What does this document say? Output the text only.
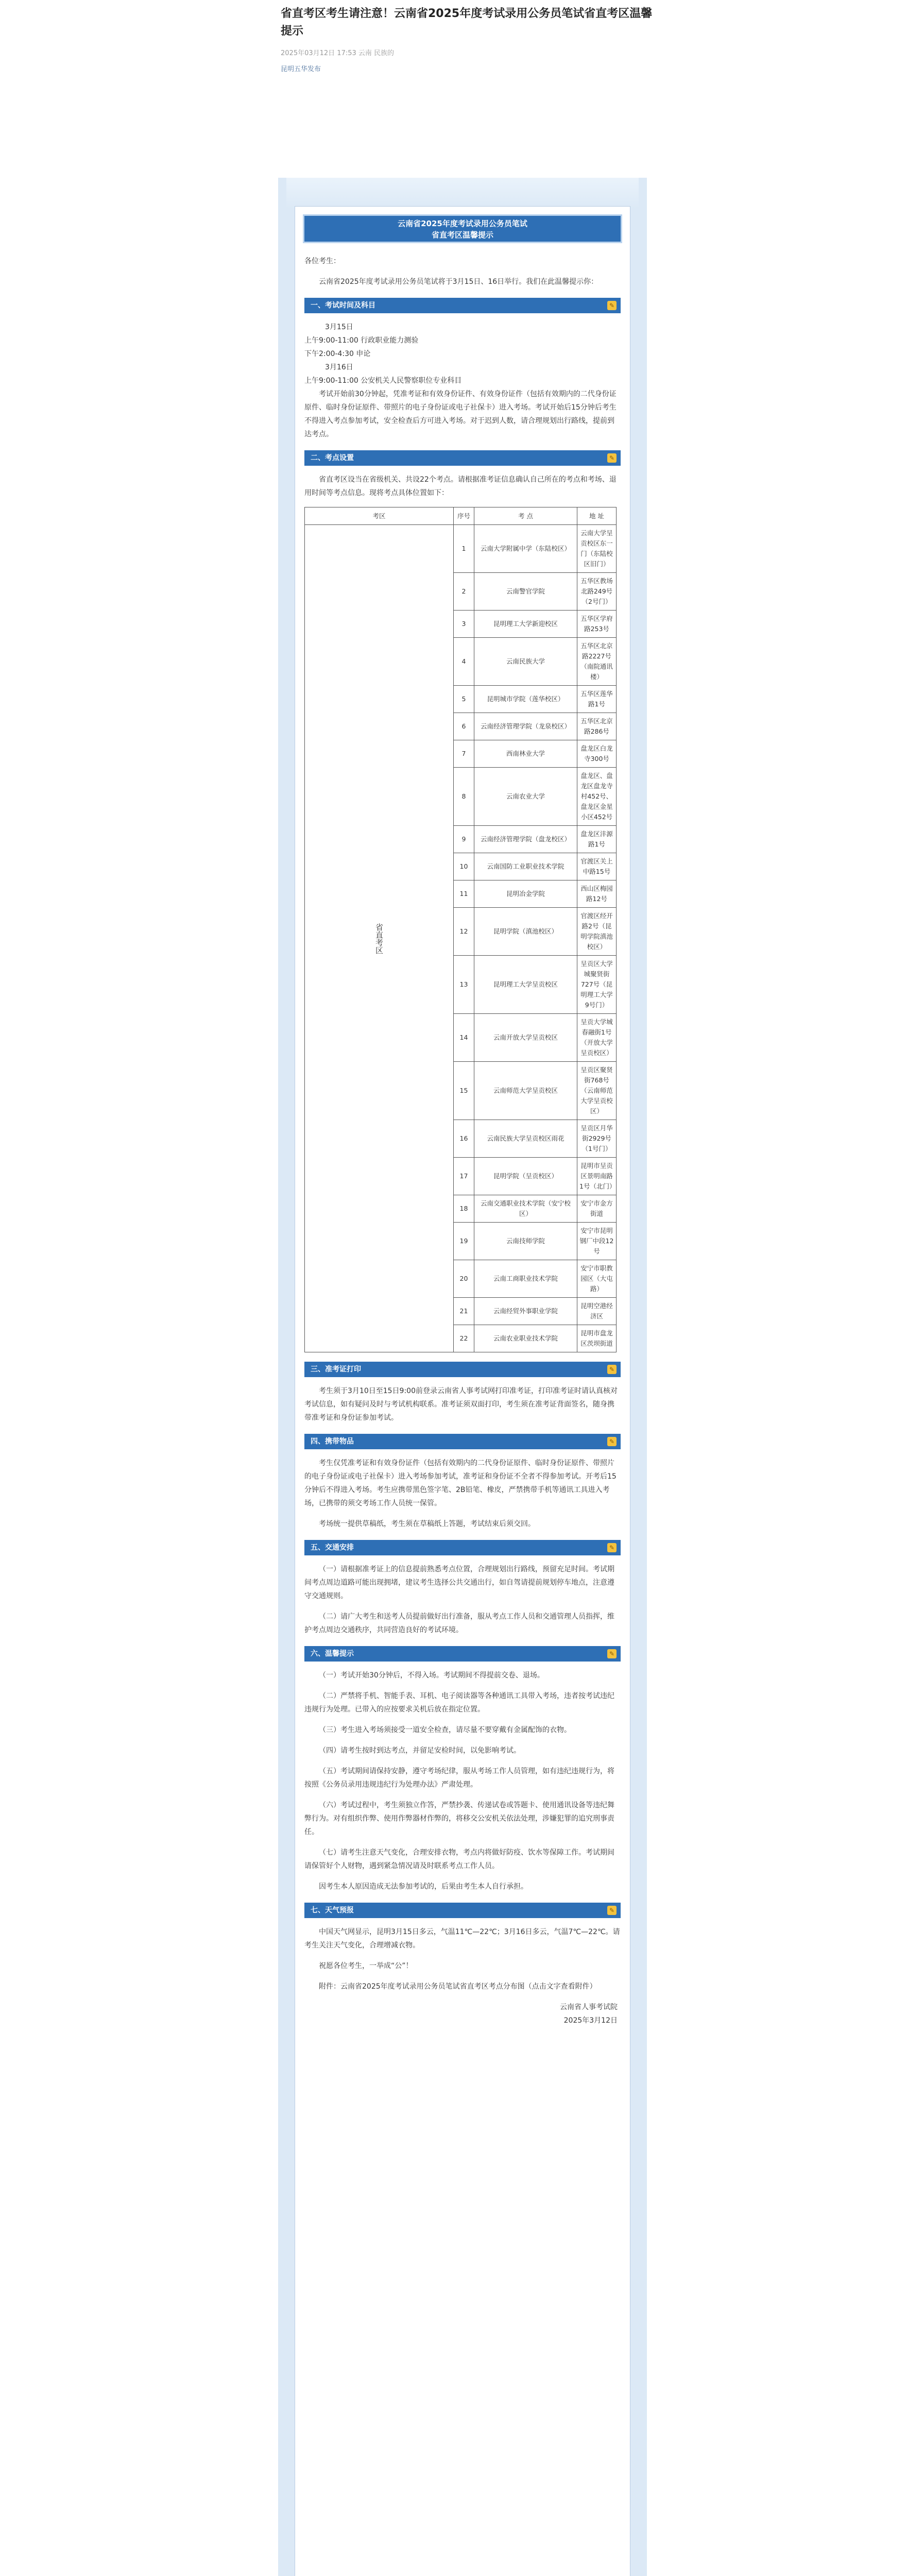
省直考区考生请注意！云南省2025年度考试录用公务员笔试省直考区温馨提示
2025年03月12日 17:53 云南 民族的
昆明五华发布
云南省2025年度考试录用公务员笔试
省直考区温馨提示
各位考生：
云南省2025年度考试录用公务员笔试将于3月15日、16日举行。我们在此温馨提示你：
一、考试时间及科目	✎
3月15日
上午9:00-11:00 行政职业能力测验
下午2:00-4:30 申论
3月16日
上午9:00-11:00 公安机关人民警察职位专业科目
考试开始前30分钟起，凭准考证和有效身份证件、有效身份证件（包括有效期内的二代身份证原件、临时身份证原件、带照片的电子身份证或电子社保卡）进入考场。考试开始后15分钟后考生不得进入考点参加考试，安全检查后方可进入考场。对于迟到人数，请合理规划出行路线，提前到达考点。
二、考点设置	✎
省直考区设当在省级机关、共设22个考点。请根据准考证信息确认自己所在的考点和考场、退用时间等考点信息。现将考点具体位置如下：
考区	序号	考 点	地 址
省直考区	1	云南大学附属中学（东陆校区）	云南大学呈贡校区东一门（东陆校区旧门）
	2	云南警官学院	五华区教场北路249号（2号门）
	3	昆明理工大学新迎校区	五华区学府路253号
	4	云南民族大学	五华区北京路2227号（南院通讯楼）
	5	昆明城市学院（莲华校区）	五华区莲华路1号
	6	云南经济管理学院（龙泉校区）	五华区北京路286号
	7	西南林业大学	盘龙区白龙寺300号
	8	云南农业大学	盘龙区、盘龙区盘龙寺村452号、盘龙区金星小区452号
	9	云南经济管理学院（盘龙校区）	盘龙区沣源路1号
	10	云南国防工业职业技术学院	官渡区关上中路15号
	11	昆明冶金学院	西山区梅园路12号
	12	昆明学院（滇池校区）	官渡区经开路2号（昆明学院滇池校区）
	13	昆明理工大学呈贡校区	呈贡区大学城聚贤街727号（昆明理工大学9号门）
	14	云南开放大学呈贡校区	呈贡大学城春融街1号（开放大学呈贡校区）
	15	云南师范大学呈贡校区	呈贡区聚贤街768号（云南师范大学呈贡校区）
	16	云南民族大学呈贡校区雨花	呈贡区月华街2929号（1号门）
	17	昆明学院（呈贡校区）	昆明市呈贡区景明南路1号（北门）
	18	云南交通职业技术学院（安宁校区）	安宁市金方街道
	19	云南技师学院	安宁市昆明钢厂中段12号
	20	云南工商职业技术学院	安宁市职教园区（大屯路）
	21	云南经贸外事职业学院	昆明空港经济区
	22	云南农业职业技术学院	昆明市盘龙区茨坝街道
三、准考证打印	✎
考生须于3月10日至15日9:00前登录云南省人事考试网打印准考证，打印准考证时请认真核对考试信息，如有疑问及时与考试机构联系。准考证须双面打印，考生须在准考证背面签名，随身携带准考证和身份证参加考试。
四、携带物品	✎
考生仅凭准考证和有效身份证件（包括有效期内的二代身份证原件、临时身份证原件、带照片的电子身份证或电子社保卡）进入考场参加考试，准考证和身份证不全者不得参加考试。开考后15分钟后不得进入考场。考生应携带黑色签字笔、2B铅笔、橡皮，严禁携带手机等通讯工具进入考场，已携带的须交考场工作人员统一保管。
考场统一提供草稿纸，考生须在草稿纸上答题，考试结束后须交回。
五、交通安排	✎
（一）请根据准考证上的信息提前熟悉考点位置，合理规划出行路线，预留充足时间。考试期间考点周边道路可能出现拥堵，建议考生选择公共交通出行，如自驾请提前规划停车地点，注意遵守交通规则。
（二）请广大考生和送考人员提前做好出行准备，服从考点工作人员和交通管理人员指挥，维护考点周边交通秩序，共同营造良好的考试环境。
六、温馨提示	✎
（一）考试开始30分钟后，不得入场。考试期间不得提前交卷、退场。
（二）严禁将手机、智能手表、耳机、电子阅读器等各种通讯工具带入考场，违者按考试违纪违规行为处理。已带入的应按要求关机后放在指定位置。
（三）考生进入考场须接受一道安全检查，请尽量不要穿戴有金属配饰的衣物。
（四）请考生按时到达考点，并留足安检时间，以免影响考试。
（五）考试期间请保持安静，遵守考场纪律，服从考场工作人员管理，如有违纪违规行为，将按照《公务员录用违规违纪行为处理办法》严肃处理。
（六）考试过程中，考生须独立作答，严禁抄袭、传递试卷或答题卡、使用通讯设备等违纪舞弊行为。对有组织作弊、使用作弊器材作弊的，将移交公安机关依法处理，涉嫌犯罪的追究刑事责任。
（七）请考生注意天气变化，合理安排衣物，考点内将做好防疫、饮水等保障工作。考试期间请保管好个人财物，遇到紧急情况请及时联系考点工作人员。
因考生本人原因造成无法参加考试的，后果由考生本人自行承担。
七、天气预报	✎
中国天气网显示，昆明3月15日多云，气温11℃—22℃；3月16日多云，气温7℃—22℃。请考生关注天气变化，合理增减衣物。
祝愿各位考生，一举成“公”！
附件：云南省2025年度考试录用公务员笔试省直考区考点分布图（点击文字查看附件）
云南省人事考试院
2025年3月12日
